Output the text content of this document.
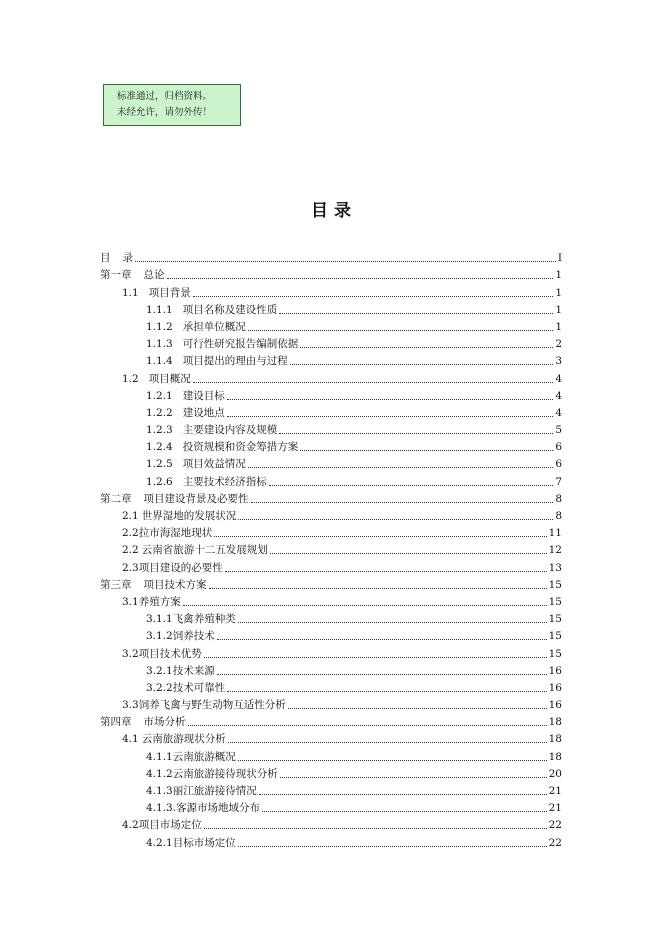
标准通过，归档资料。
未经允许，请勿外传！
目 录
目 录	I
第一章 总论	1
1.1 项目背景	1
1.1.1 项目名称及建设性质	1
1.1.2 承担单位概况	1
1.1.3 可行性研究报告编制依据	2
1.1.4 项目提出的理由与过程	3
1.2 项目概况	4
1.2.1 建设目标	4
1.2.2 建设地点	4
1.2.3 主要建设内容及规模	5
1.2.4 投资规模和资金筹措方案	6
1.2.5 项目效益情况	6
1.2.6 主要技术经济指标	7
第二章 项目建设背景及必要性	8
2.1 世界湿地的发展状况	8
2.2拉市海湿地现状	11
2.2 云南省旅游十二五发展规划	12
2.3项目建设的必要性	13
第三章 项目技术方案	15
3.1养殖方案	15
3.1.1飞禽养殖种类	15
3.1.2饲养技术	15
3.2项目技术优势	15
3.2.1技术来源	16
3.2.2技术可靠性	16
3.3饲养飞禽与野生动物互适性分析	16
第四章 市场分析	18
4.1 云南旅游现状分析	18
4.1.1云南旅游概况	18
4.1.2云南旅游接待现状分析	20
4.1.3丽江旅游接待情况	21
4.1.3.客源市场地域分布	21
4.2项目市场定位	22
4.2.1目标市场定位	22
